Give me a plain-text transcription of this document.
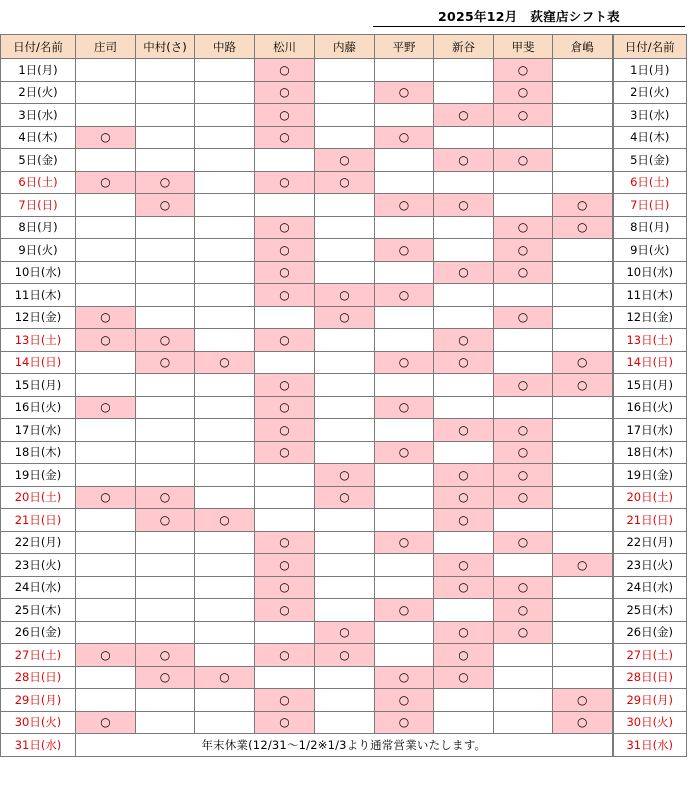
2025年12月　荻窪店シフト表
日付/名前	庄司	中村(さ)	中路	松川	内藤	平野	新谷	甲斐	倉嶋	日付/名前
1日(月)				○				○		1日(月)
2日(火)				○		○		○		2日(火)
3日(水)				○			○	○		3日(水)
4日(木)	○			○		○				4日(木)
5日(金)					○		○	○		5日(金)
6日(土)	○	○		○	○					6日(土)
7日(日)		○				○	○		○	7日(日)
8日(月)				○				○	○	8日(月)
9日(火)				○		○		○		9日(火)
10日(水)				○			○	○		10日(水)
11日(木)				○	○	○				11日(木)
12日(金)	○				○			○		12日(金)
13日(土)	○	○		○			○			13日(土)
14日(日)		○	○			○	○		○	14日(日)
15日(月)				○				○	○	15日(月)
16日(火)	○			○		○				16日(火)
17日(水)				○			○	○		17日(水)
18日(木)				○		○		○		18日(木)
19日(金)					○		○	○		19日(金)
20日(土)	○	○			○		○	○		20日(土)
21日(日)		○	○				○			21日(日)
22日(月)				○		○		○		22日(月)
23日(火)				○			○		○	23日(火)
24日(水)				○			○	○		24日(水)
25日(木)				○		○		○		25日(木)
26日(金)					○		○	○		26日(金)
27日(土)	○	○		○	○		○			27日(土)
28日(日)		○	○			○	○			28日(日)
29日(月)				○		○			○	29日(月)
30日(火)	○			○		○			○	30日(火)
31日(水)	年末休業(12/31～1/2※1/3より通常営業いたします。									31日(水)
